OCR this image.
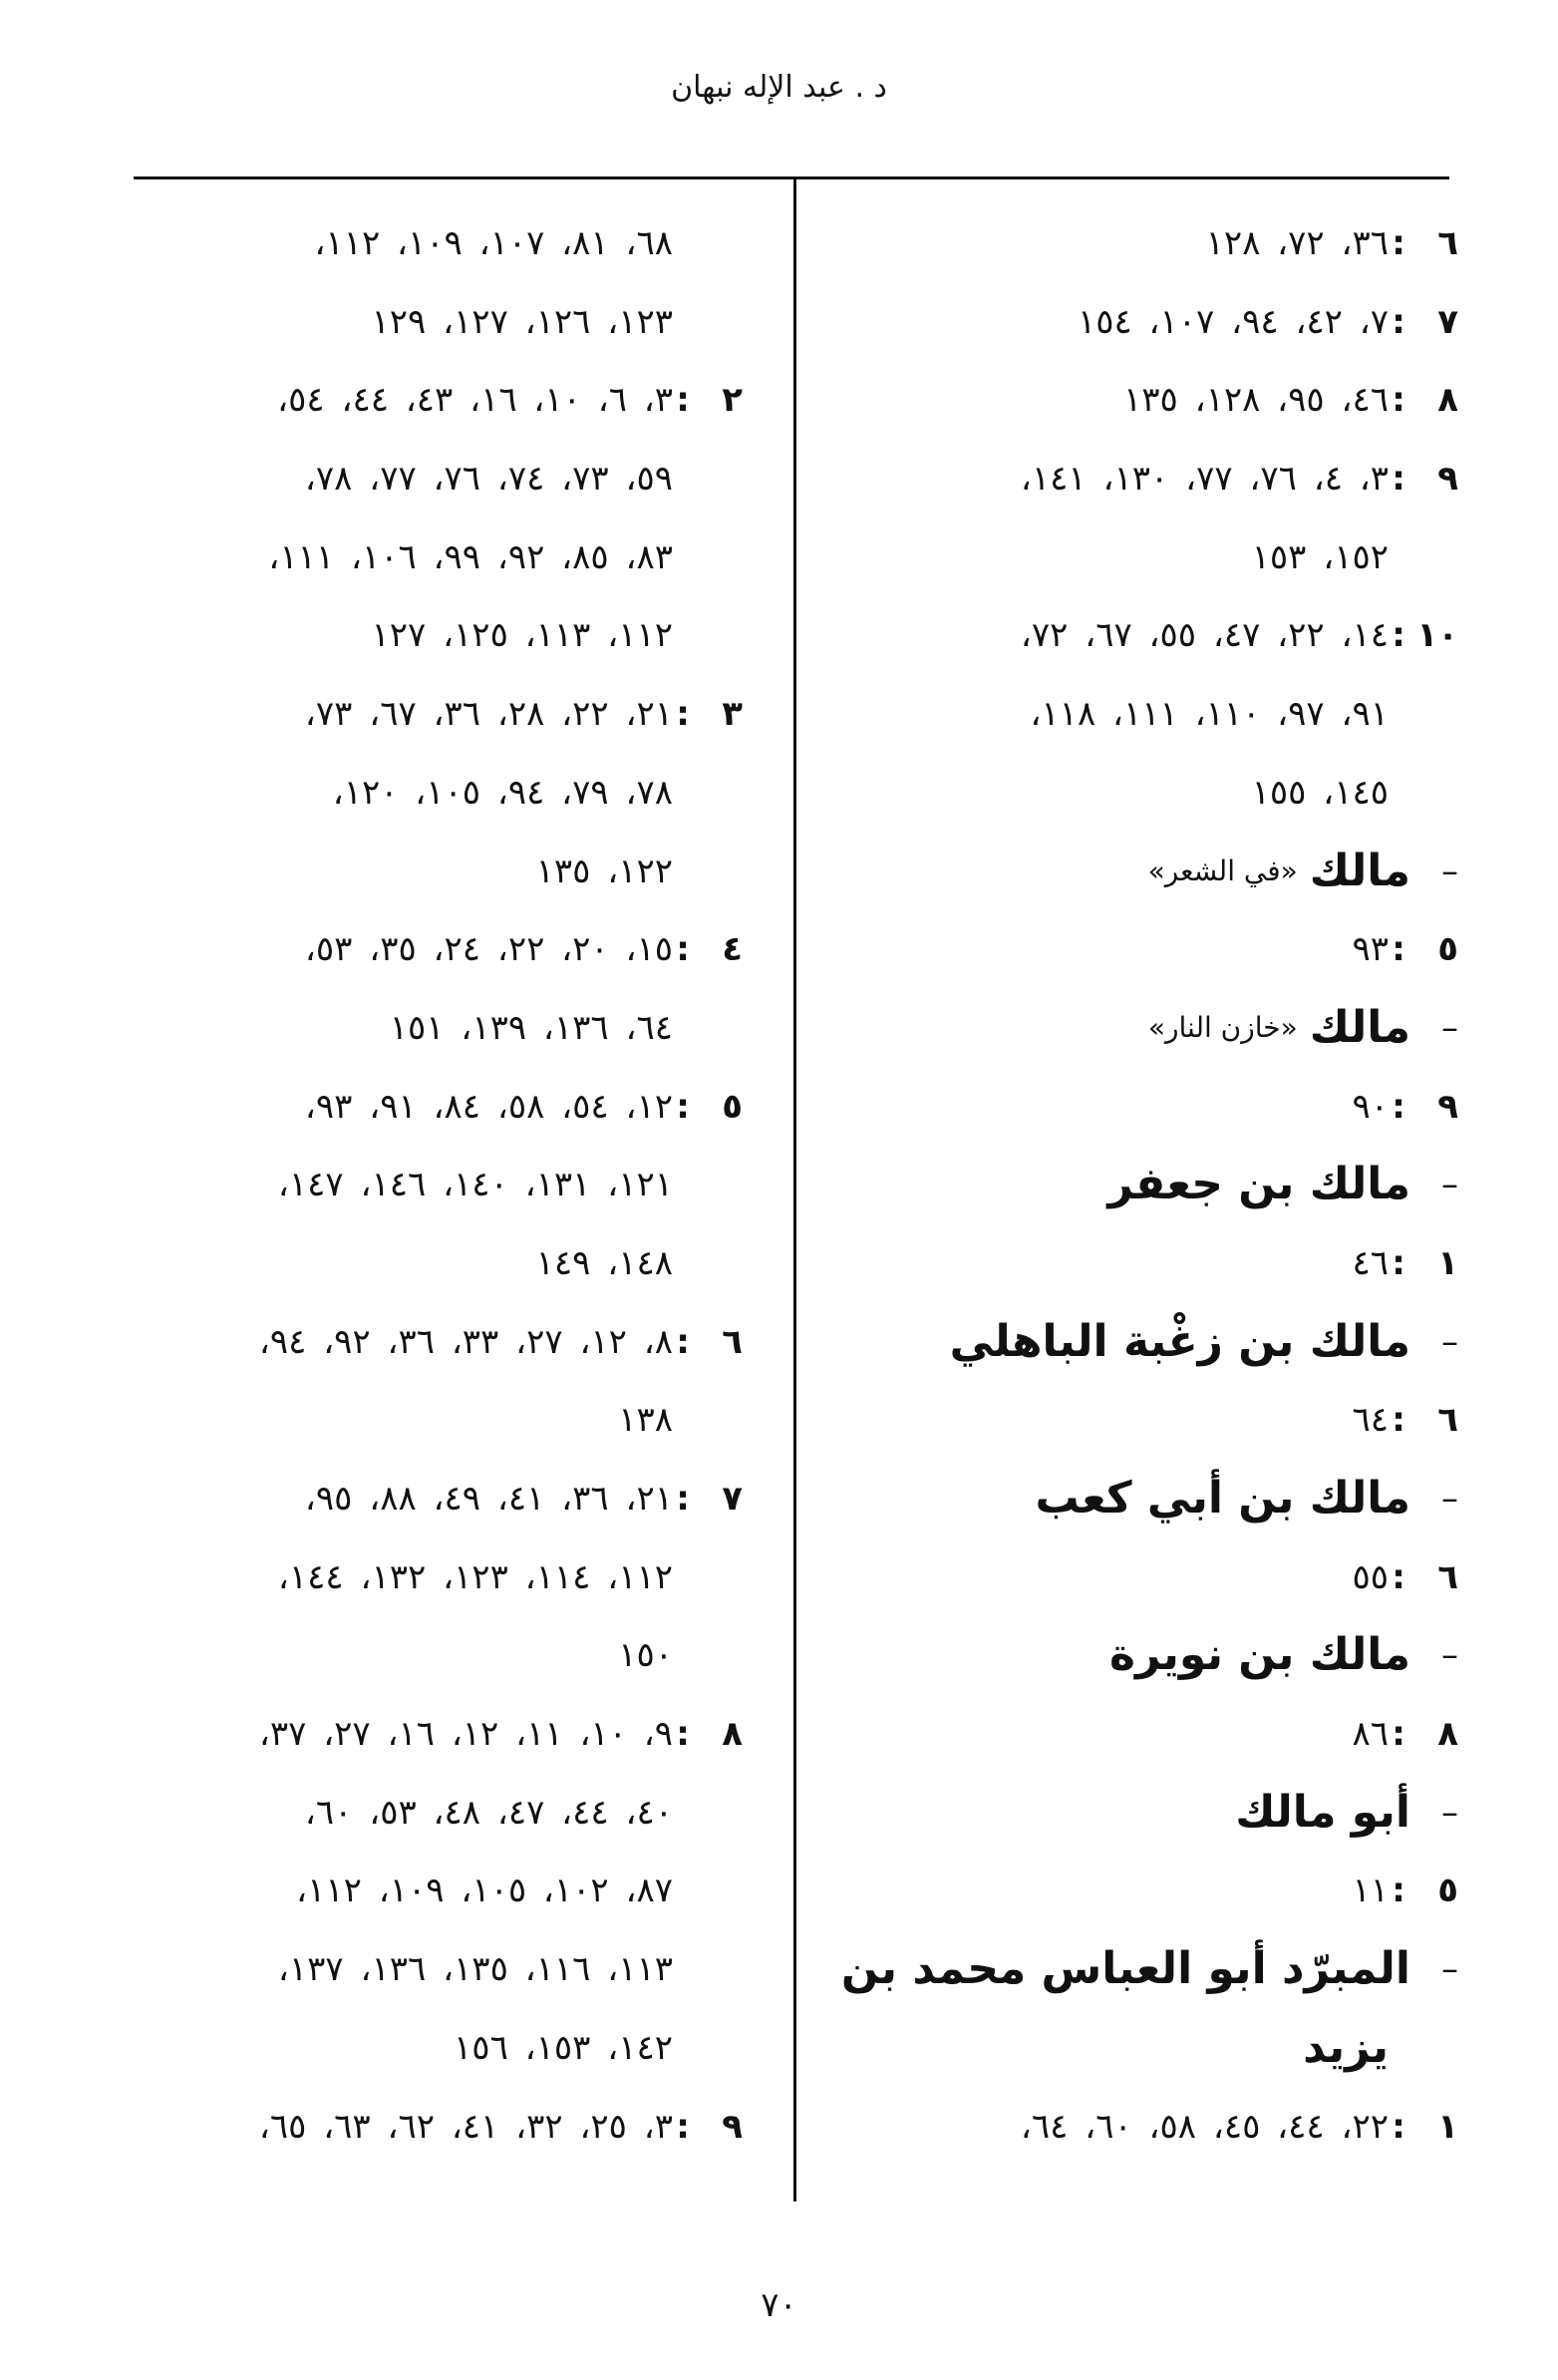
د . عبد الإله نبهان
٦
:
٣٦، ٧٢، ١٢٨
٧
:
٧، ٤٢، ٩٤، ١٠٧، ١٥٤
٨
:
٤٦، ٩٥، ١٢٨، ١٣٥
٩
:
٣، ٤، ٧٦، ٧٧، ١٣٠، ١٤١،
١٥٢، ١٥٣
١٠
:
١٤، ٢٢، ٤٧، ٥٥، ٦٧، ٧٢،
٩١، ٩٧، ١١٠، ١١١، ١١٨،
١٤٥، ١٥٥
–
مالك
«في الشعر»
٥
:
٩٣
–
مالك
«خازن النار»
٩
:
٩٠
–
مالك بن جعفر
١
:
٤٦
–
مالك بن زغْبة الباهلي
٦
:
٦٤
–
مالك بن أبي كعب
٦
:
٥٥
–
مالك بن نويرة
٨
:
٨٦
–
أبو مالك
٥
:
١١
–
المبرّد أبو العباس محمد بن
يزيد
١
:
٢٢، ٤٤، ٤٥، ٥٨، ٦٠، ٦٤،
٦٨، ٨١، ١٠٧، ١٠٩، ١١٢،
١٢٣، ١٢٦، ١٢٧، ١٢٩
٢
:
٣، ٦، ١٠، ١٦، ٤٣، ٤٤، ٥٤،
٥٩، ٧٣، ٧٤، ٧٦، ٧٧، ٧٨،
٨٣، ٨٥، ٩٢، ٩٩، ١٠٦، ١١١،
١١٢، ١١٣، ١٢٥، ١٢٧
٣
:
٢١، ٢٢، ٢٨، ٣٦، ٦٧، ٧٣،
٧٨، ٧٩، ٩٤، ١٠٥، ١٢٠،
١٢٢، ١٣٥
٤
:
١٥، ٢٠، ٢٢، ٢٤، ٣٥، ٥٣،
٦٤، ١٣٦، ١٣٩، ١٥١
٥
:
١٢، ٥٤، ٥٨، ٨٤، ٩١، ٩٣،
١٢١، ١٣١، ١٤٠، ١٤٦، ١٤٧،
١٤٨، ١٤٩
٦
:
٨، ١٢، ٢٧، ٣٣، ٣٦، ٩٢، ٩٤،
١٣٨
٧
:
٢١، ٣٦، ٤١، ٤٩، ٨٨، ٩٥،
١١٢، ١١٤، ١٢٣، ١٣٢، ١٤٤،
١٥٠
٨
:
٩، ١٠، ١١، ١٢، ١٦، ٢٧، ٣٧،
٤٠، ٤٤، ٤٧، ٤٨، ٥٣، ٦٠،
٨٧، ١٠٢، ١٠٥، ١٠٩، ١١٢،
١١٣، ١١٦، ١٣٥، ١٣٦، ١٣٧،
١٤٢، ١٥٣، ١٥٦
٩
:
٣، ٢٥، ٣٢، ٤١، ٦٢، ٦٣، ٦٥،
٧٠
